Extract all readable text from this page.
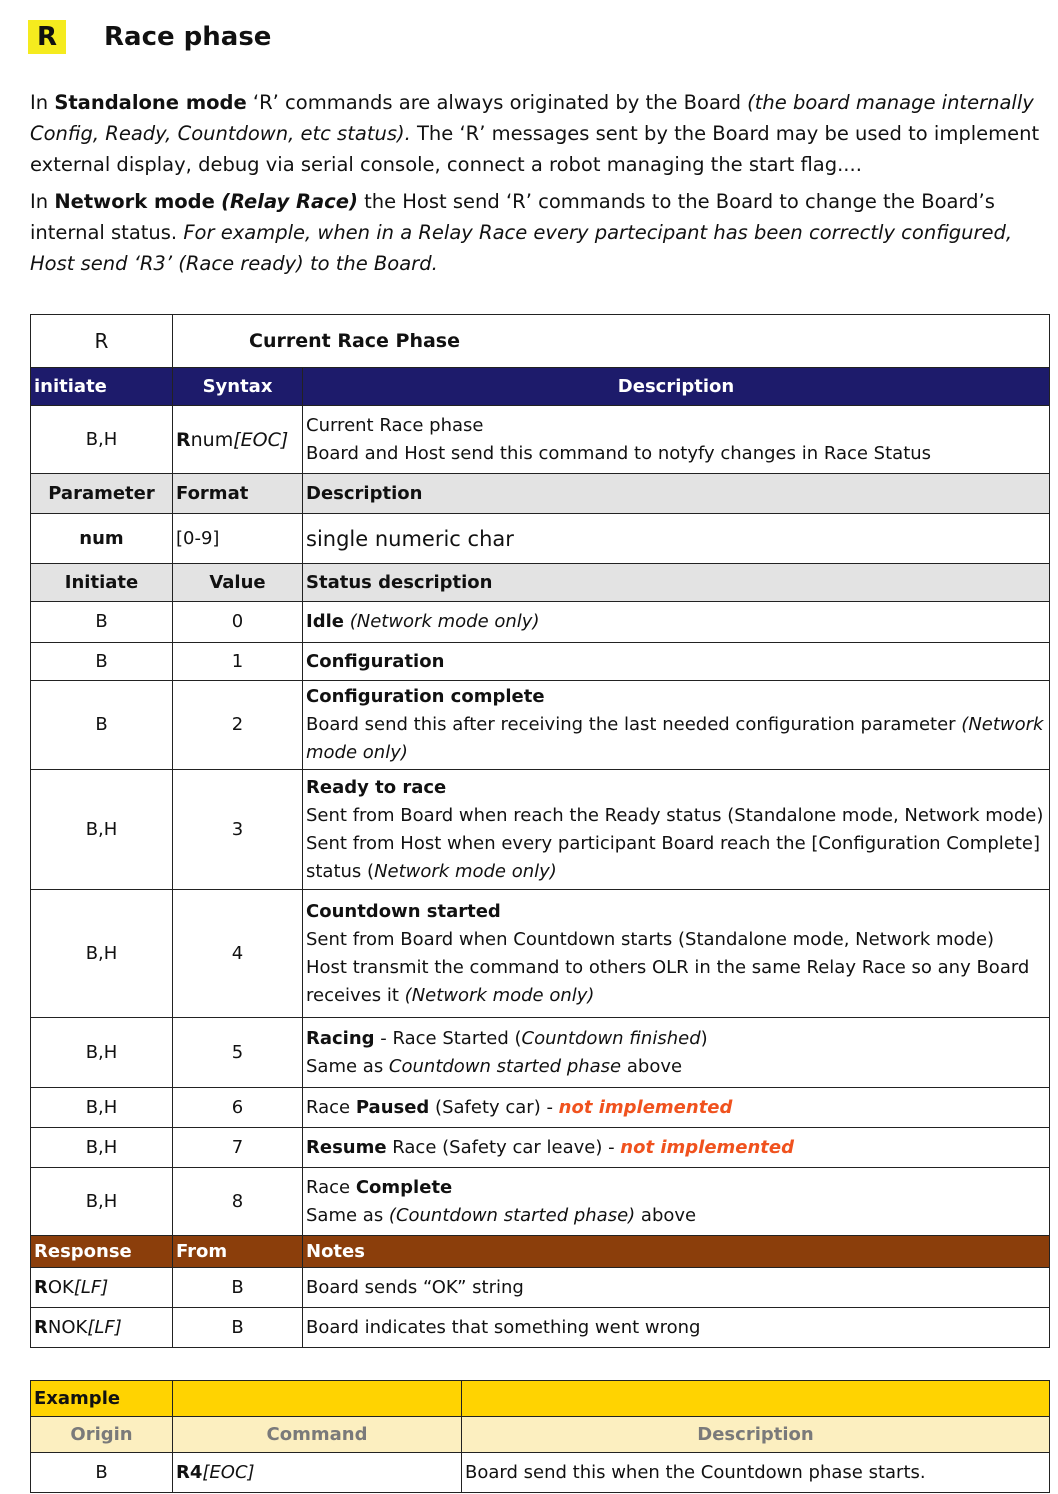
R	Race phase
In Standalone mode ‘R’ commands are always originated by the Board (the board manage internally Config, Ready, Countdown, etc status). The ‘R’ messages sent by the Board may be used to implement external display, debug via serial console, connect a robot managing the start flag....
In Network mode (Relay Race) the Host send ‘R’ commands to the Board to change the Board’s internal status. For example, when in a Relay Race every partecipant has been correctly configured, Host send ‘R3’ (Race ready) to the Board.
R	Current Race Phase	
initiate	Syntax	Description
B,H	Rnum[EOC]	Current Race phase
Board and Host send this command to notyfy changes in Race Status

Parameter	Format	Description
num	[0-9]	single numeric char
Initiate	Value	Status description
B	0	Idle (Network mode only)
B	1	Configuration
B	2	Configuration complete
Board send this after receiving the last needed configuration parameter (Network mode only)

B,H	3	Ready to race
Sent from Board when reach the Ready status (Standalone mode, Network mode)
Sent from Host when every participant Board reach the [Configuration Complete] status (Network mode only)

B,H	4	Countdown started
Sent from Board when Countdown starts (Standalone mode, Network mode)
Host transmit the command to others OLR in the same Relay Race so any Board receives it (Network mode only)

B,H	5	Racing - Race Started (Countdown finished)
Same as Countdown started phase above

B,H	6	Race Paused (Safety car) - not implemented
B,H	7	Resume Race (Safety car leave) - not implemented
B,H	8	Race Complete
Same as (Countdown started phase) above

Response	From	Notes
ROK[LF]	B	Board sends “OK” string
RNOK[LF]	B	Board indicates that something went wrong
Example		
Origin	Command	Description
B	R4[EOC]	Board send this when the Countdown phase starts.
